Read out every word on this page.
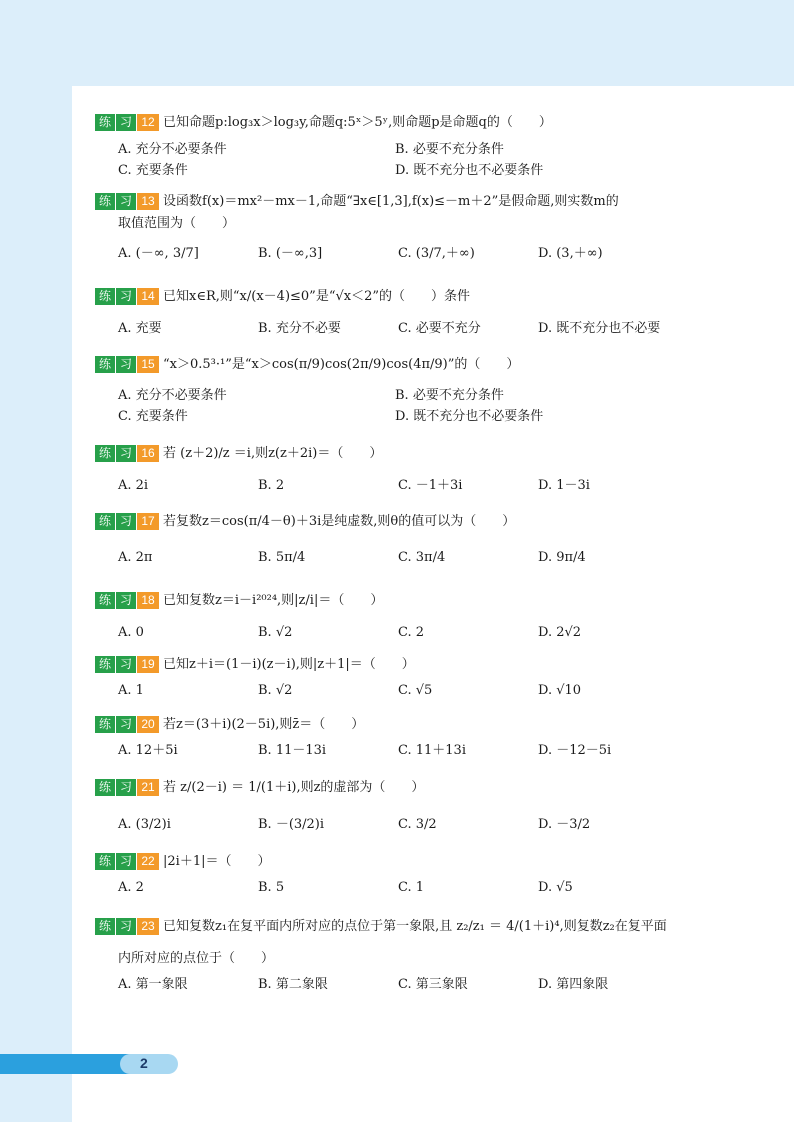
练 习 12 已知命题p:log₃x＞log₃y,命题q:5ˣ＞5ʸ,则命题p是命题q的（　　）
A. 充分不必要条件	B. 必要不充分条件
C. 充要条件	D. 既不充分也不必要条件
练 习 13 设函数f(x)＝mx²－mx－1,命题“∃x∈[1,3],f(x)≤－m＋2”是假命题,则实数m的
取值范围为（　　）
A. (－∞, 3/7]	B. (－∞,3]	C. (3/7,＋∞)	D. (3,＋∞)
练 习 14 已知x∈R,则“x/(x－4)≤0”是“√x＜2”的（　　）条件
A. 充要	B. 充分不必要	C. 必要不充分	D. 既不充分也不必要
练 习 15 “x＞0.5³·¹”是“x＞cos(π/9)cos(2π/9)cos(4π/9)”的（　　）
A. 充分不必要条件	B. 必要不充分条件
C. 充要条件	D. 既不充分也不必要条件
练 习 16 若 (z＋2)/z ＝i,则z(z＋2i)＝（　　）
A. 2i	B. 2	C. －1＋3i	D. 1－3i
练 习 17 若复数z＝cos(π/4－θ)＋3i是纯虚数,则θ的值可以为（　　）
A. 2π	B. 5π/4	C. 3π/4	D. 9π/4
练 习 18 已知复数z＝i－i²⁰²⁴,则|z/i|＝（　　）
A. 0	B. √2	C. 2	D. 2√2
练 习 19 已知z＋i＝(1－i)(z－i),则|z＋1|＝（　　）
A. 1	B. √2	C. √5	D. √10
练 习 20 若z＝(3＋i)(2－5i),则z̄＝（　　）
A. 12＋5i	B. 11－13i	C. 11＋13i	D. －12－5i
练 习 21 若 z/(2－i) ＝ 1/(1＋i),则z的虚部为（　　）
A. (3/2)i	B. －(3/2)i	C. 3/2	D. －3/2
练 习 22 |2i＋1|＝（　　）
A. 2	B. 5	C. 1	D. √5
练 习 23 已知复数z₁在复平面内所对应的点位于第一象限,且 z₂/z₁ ＝ 4/(1＋i)⁴,则复数z₂在复平面
内所对应的点位于（　　）
A. 第一象限	B. 第二象限	C. 第三象限	D. 第四象限
2
